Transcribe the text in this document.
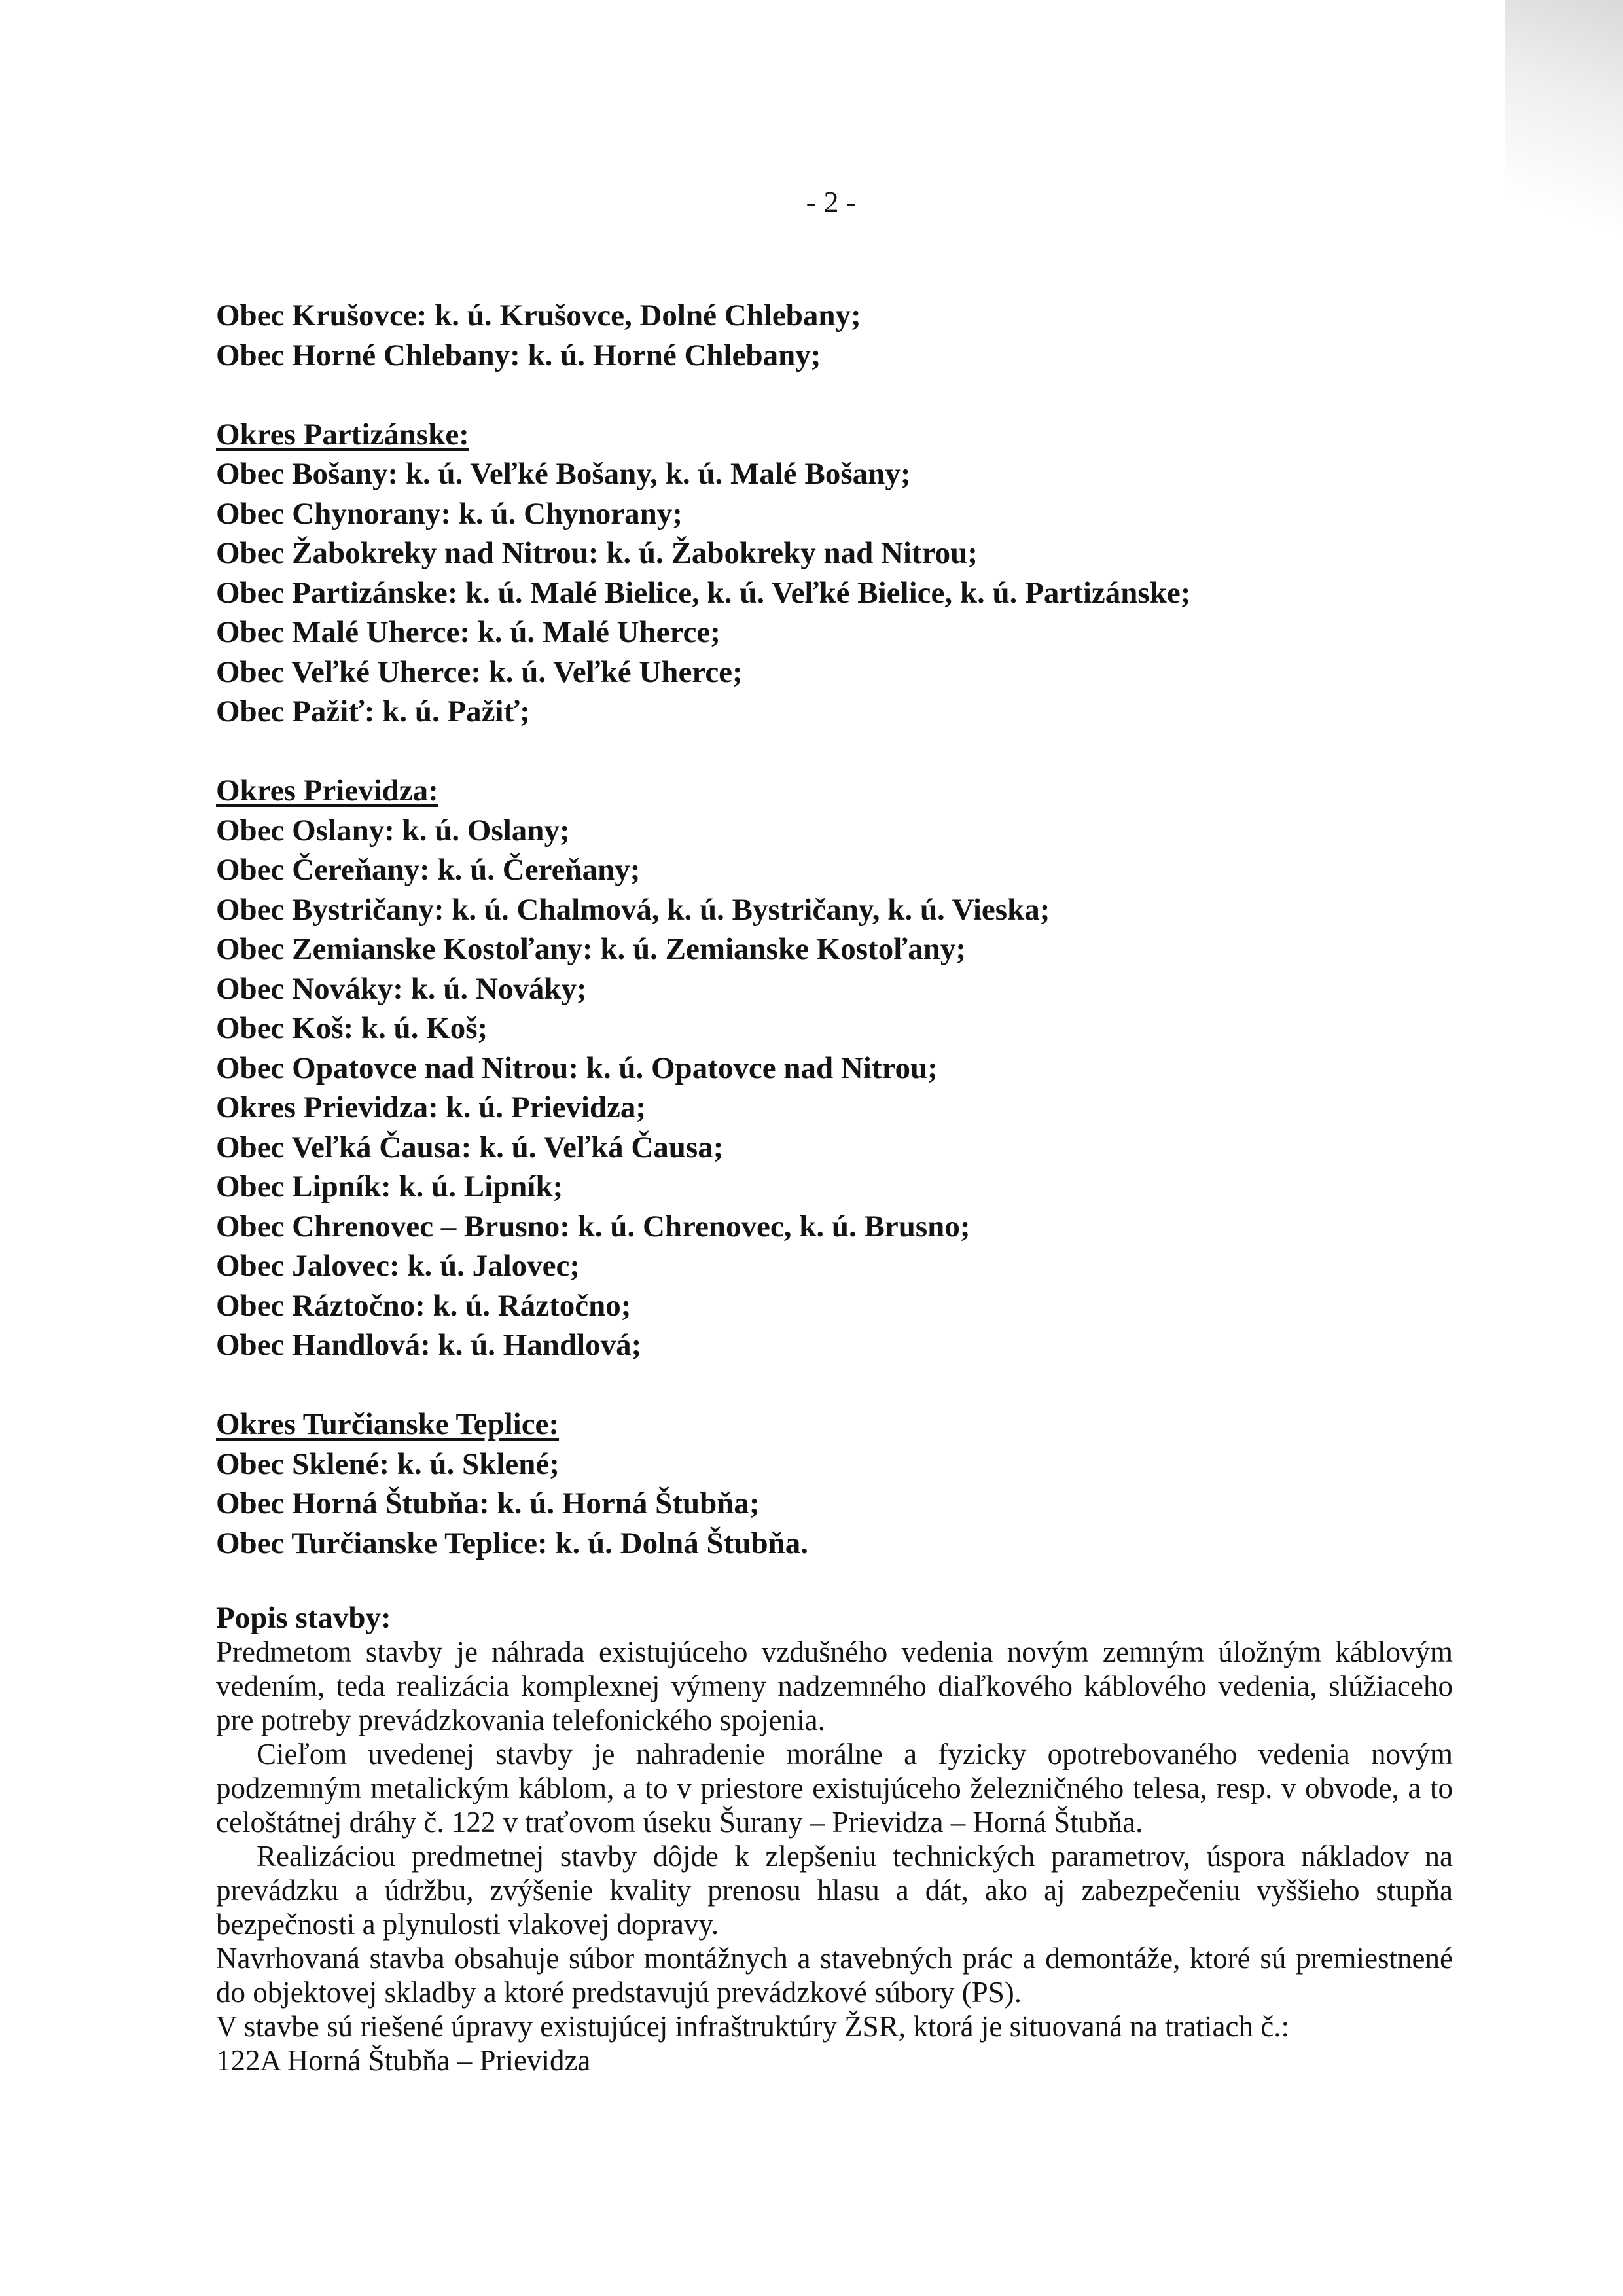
- 2 -
Obec Krušovce: k. ú. Krušovce, Dolné Chlebany;
Obec Horné Chlebany: k. ú. Horné Chlebany;
Okres Partizánske:
Obec Bošany: k. ú. Veľké Bošany, k. ú. Malé Bošany;
Obec Chynorany: k. ú. Chynorany;
Obec Žabokreky nad Nitrou: k. ú. Žabokreky nad Nitrou;
Obec Partizánske: k. ú. Malé Bielice, k. ú. Veľké Bielice, k. ú. Partizánske;
Obec Malé Uherce: k. ú. Malé Uherce;
Obec Veľké Uherce: k. ú. Veľké Uherce;
Obec Pažiť: k. ú. Pažiť;
Okres Prievidza:
Obec Oslany: k. ú. Oslany;
Obec Čereňany: k. ú. Čereňany;
Obec Bystričany: k. ú. Chalmová, k. ú. Bystričany, k. ú. Vieska;
Obec Zemianske Kostoľany: k. ú. Zemianske Kostoľany;
Obec Nováky: k. ú. Nováky;
Obec Koš: k. ú. Koš;
Obec Opatovce nad Nitrou: k. ú. Opatovce nad Nitrou;
Okres Prievidza: k. ú. Prievidza;
Obec Veľká Čausa: k. ú. Veľká Čausa;
Obec Lipník: k. ú. Lipník;
Obec Chrenovec – Brusno: k. ú. Chrenovec, k. ú. Brusno;
Obec Jalovec: k. ú. Jalovec;
Obec Ráztočno: k. ú. Ráztočno;
Obec Handlová: k. ú. Handlová;
Okres Turčianske Teplice:
Obec Sklené: k. ú. Sklené;
Obec Horná Štubňa: k. ú. Horná Štubňa;
Obec Turčianske Teplice: k. ú. Dolná Štubňa.
Popis stavby:

Predmetom stavby je náhrada existujúceho vzdušného vedenia novým zemným úložným káblovým vedením, teda realizácia komplexnej výmeny nadzemného diaľkového káblového vedenia, slúžiaceho pre potreby prevádzkovania telefonického spojenia.

Cieľom uvedenej stavby je nahradenie morálne a fyzicky opotrebovaného vedenia novým podzemným metalickým káblom, a to v priestore existujúceho železničného telesa, resp. v obvode, a to celoštátnej dráhy č. 122 v traťovom úseku Šurany – Prievidza – Horná Štubňa.

Realizáciou predmetnej stavby dôjde k zlepšeniu technických parametrov, úspora nákladov na prevádzku a údržbu, zvýšenie kvality prenosu hlasu a dát, ako aj zabezpečeniu vyššieho stupňa bezpečnosti a plynulosti vlakovej dopravy.

Navrhovaná stavba obsahuje súbor montážnych a stavebných prác a demontáže, ktoré sú premiestnené do objektovej skladby a ktoré predstavujú prevádzkové súbory (PS).

V stavbe sú riešené úpravy existujúcej infraštruktúry ŽSR, ktorá je situovaná na tratiach č.:

122A Horná Štubňa – Prievidza
